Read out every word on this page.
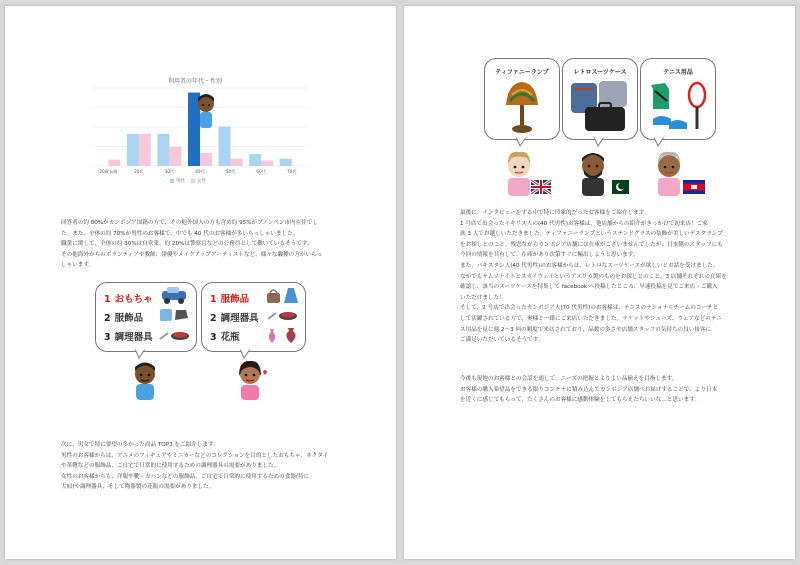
利用者の年代・性別
20歳未満	20代	30代	40代	50代	60代	70代
男性	女性
回答者の約 80%がカンボジア国籍の方で、その他外国人の方も含め約 95%がプノンペン市内在住でし
た。また、全体の約 70%が男性のお客様で、中でも 40 代のお客様が多いらっしゃいました。
職業に関して、全体の約 30%は自営業、約 20%は警察官などの公務員として働いているそうです。
その他海外からのボランティアや教師、俳優やメイクアップアーティストなど、様々な職種の方がいらっ
しゃいます。
1 おもちゃ
2 服飾品
3 調理器具
1 服飾品
2 調理器具
3 花瓶
次に、男女で特に要望の多かった商品 TOP3 をご紹介します。
男性のお客様からは、アニメのフィギュアやミニカーなどのコレクションを目的としたおもちゃ、ネクタイ
や革靴などの服飾品、ご自宅で日常的に使用するための調理器具の需要がありました。
女性のお客様からも、洋服や靴・カバンなどの服飾品、ご自宅で日常的に使用するための食器(特に
大皿)や調理器具、そして陶器製の花瓶の需要がありました。
ティファニーランプ	レトロスーツケース	テニス用品
最後に、インタビューをする中で特に印象的だったお客様をご紹介します。
1 号店で出会ったイギリス人の(40 代男性)お客様は、他店舗からの紹介がきっかけで初来店！ご家
族 3 人でお越しいただきました。ティファニーランプというステンドグラスの装飾が美しいデスクランプ
をお探しとのこと。残念ながらカンボジア店舗には在庫がございませんでしたが、日本側のスタッフにも
今回の情報を共有して、在庫があり次第すぐに輸出しようと思います。
また、パキスタン人(40 代男性)のお客様からは、レトロなスーツケースが欲しいとお話を受けました。
なかでもサムソナイトとスカイウェイというアメリカ製のものをお探しとのこと。3 店舗それぞれの在庫を
確認し、該当のスーツケースを特集して facebook へ投稿したところ、早速投稿を見てご来店・ご購入
いただけました！
そして、2 号店で出会ったカンボジア人(70 代男性)のお客様は、テニスのナショナルチームのコーチと
して活躍されている方で、奥様と一緒にご来店いただきました。ラケットやシューズ、ウェアなどのテニ
ス用品を見に週 2～3 回の頻度で来店されており、品数の多さや店舗スタッフの気持ちの良い接客に
ご満足いただいているそうです。
今後も現地のお客様との会話を通して、ニーズの把握とよりよい品揃えを目指します。
お客様の購入希望品をできる限りコンテナに積み込んでカンボジア店舗へお届けすることで、より日本
を近くに感じてもらって、たくさんのお客様に感動体験をしてもらえたらいいな…と思います。
